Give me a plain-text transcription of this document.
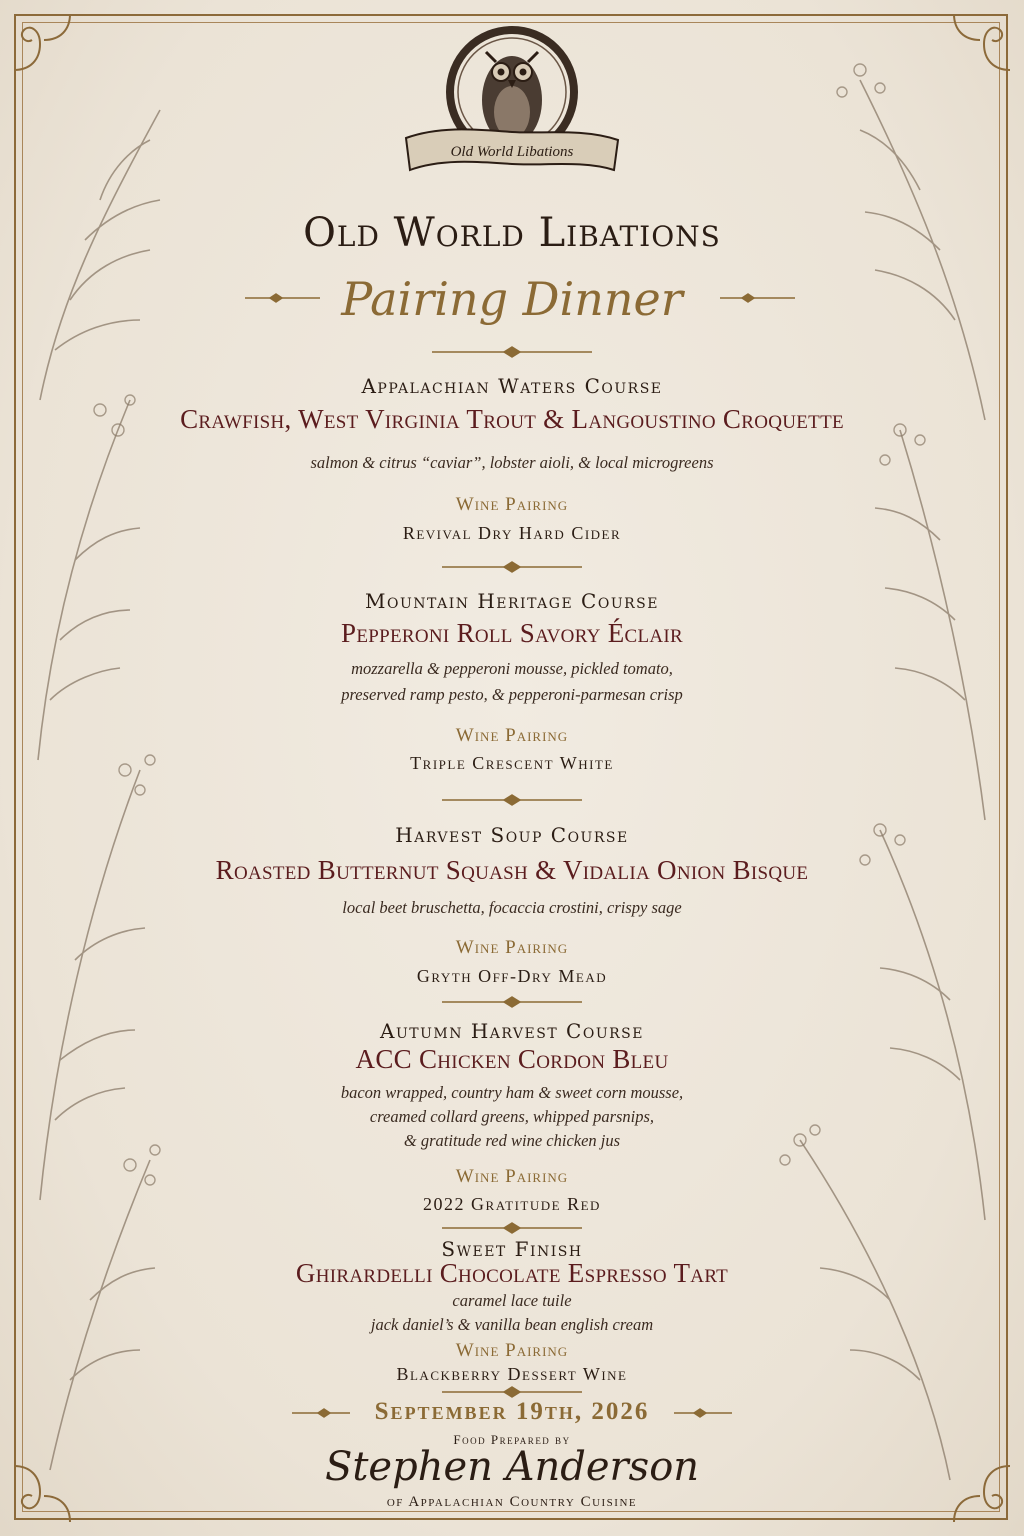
Old World Libations
Old World Libations
Pairing Dinner
Appalachian Waters Course
Crawfish, West Virginia Trout & Langoustino Croquette
salmon & citrus “caviar”, lobster aioli, & local microgreens
Wine Pairing
Revival Dry Hard Cider
Mountain Heritage Course
Pepperoni Roll Savory Éclair
mozzarella & pepperoni mousse, pickled tomato,
preserved ramp pesto, & pepperoni-parmesan crisp
Wine Pairing
Triple Crescent White
Harvest Soup Course
Roasted Butternut Squash & Vidalia Onion Bisque
local beet bruschetta, focaccia crostini, crispy sage
Wine Pairing
Gryth Off-Dry Mead
Autumn Harvest Course
ACC Chicken Cordon Bleu
bacon wrapped, country ham & sweet corn mousse,
creamed collard greens, whipped parsnips,
& gratitude red wine chicken jus
Wine Pairing
2022 Gratitude Red
Sweet Finish
Ghirardelli Chocolate Espresso Tart
caramel lace tuile
jack daniel’s & vanilla bean english cream
Wine Pairing
Blackberry Dessert Wine
September 19th, 2026
Food Prepared by
Stephen Anderson
of Appalachian Country Cuisine
